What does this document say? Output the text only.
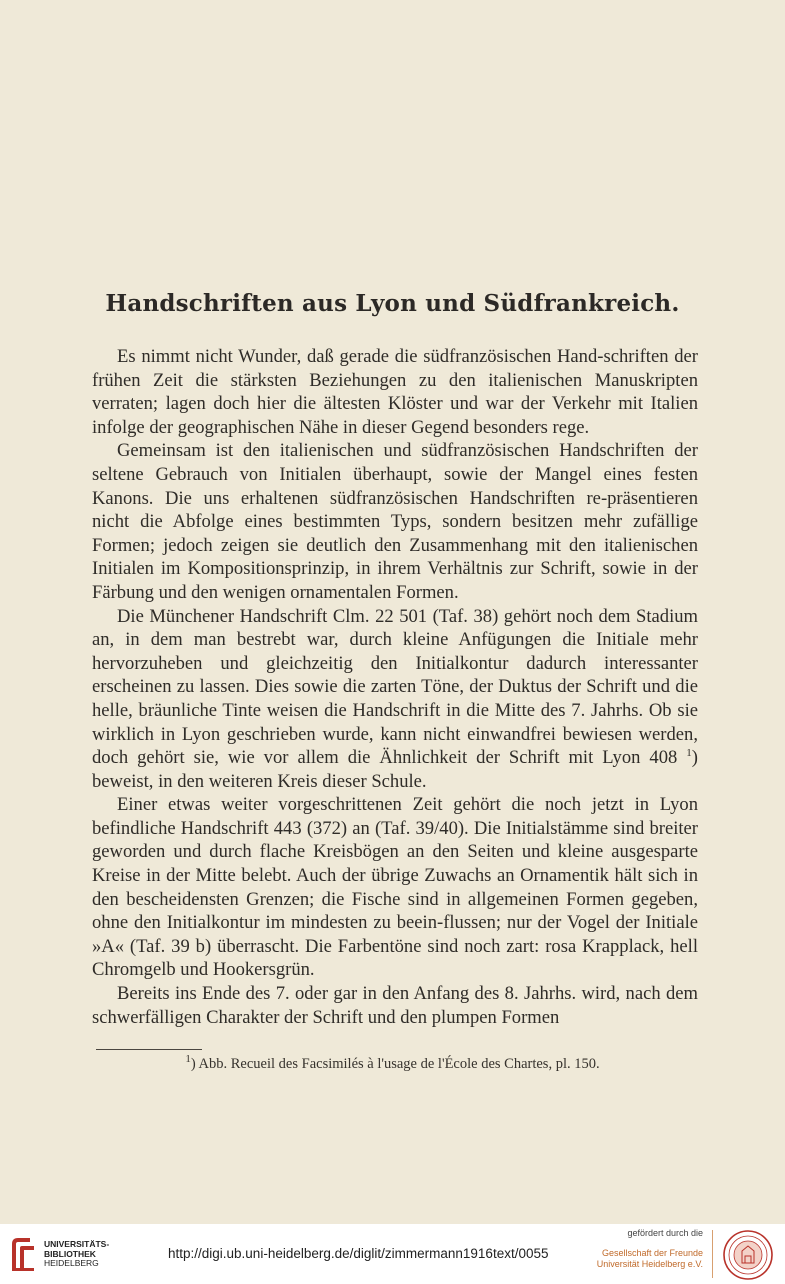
Handschriften aus Lyon und Südfrankreich.

Es nimmt nicht Wunder, daß gerade die südfranzösischen Hand-schriften der frühen Zeit die stärksten Beziehungen zu den italienischen Manuskripten verraten; lagen doch hier die ältesten Klöster und war der Verkehr mit Italien infolge der geographischen Nähe in dieser Gegend besonders rege.

Gemeinsam ist den italienischen und südfranzösischen Handschriften der seltene Gebrauch von Initialen überhaupt, sowie der Mangel eines festen Kanons. Die uns erhaltenen südfranzösischen Handschriften re-präsentieren nicht die Abfolge eines bestimmten Typs, sondern besitzen mehr zufällige Formen; jedoch zeigen sie deutlich den Zusammenhang mit den italienischen Initialen im Kompositionsprinzip, in ihrem Verhältnis zur Schrift, sowie in der Färbung und den wenigen ornamentalen Formen.

Die Münchener Handschrift Clm. 22 501 (Taf. 38) gehört noch dem Stadium an, in dem man bestrebt war, durch kleine Anfügungen die Initiale mehr hervorzuheben und gleichzeitig den Initialkontur dadurch interessanter erscheinen zu lassen. Dies sowie die zarten Töne, der Duktus der Schrift und die helle, bräunliche Tinte weisen die Handschrift in die Mitte des 7. Jahrhs. Ob sie wirklich in Lyon geschrieben wurde, kann nicht einwandfrei bewiesen werden, doch gehört sie, wie vor allem die Ähnlichkeit der Schrift mit Lyon 408 $^1$) beweist, in den weiteren Kreis dieser Schule.

Einer etwas weiter vorgeschrittenen Zeit gehört die noch jetzt in Lyon befindliche Handschrift 443 (372) an (Taf. 39/40). Die Initialstämme sind breiter geworden und durch flache Kreisbögen an den Seiten und kleine ausgesparte Kreise in der Mitte belebt. Auch der übrige Zuwachs an Ornamentik hält sich in den bescheidensten Grenzen; die Fische sind in allgemeinen Formen gegeben, ohne den Initialkontur im mindesten zu beein-flussen; nur der Vogel der Initiale »A« (Taf. 39 b) überrascht. Die Farbentöne sind noch zart: rosa Krapplack, hell Chromgelb und Hookersgrün.

Bereits ins Ende des 7. oder gar in den Anfang des 8. Jahrhs. wird, nach dem schwerfälligen Charakter der Schrift und den plumpen Formen

$^1$) Abb. Recueil des Facsimilés à l'usage de l'École des Chartes, pl. 150.
UNIVERSITÄTS-
BIBLIOTHEK
HEIDELBERG
http://digi.ub.uni-heidelberg.de/diglit/zimmermann1916text/0055
gefördert durch die
Gesellschaft der Freunde
Universität Heidelberg e.V.
